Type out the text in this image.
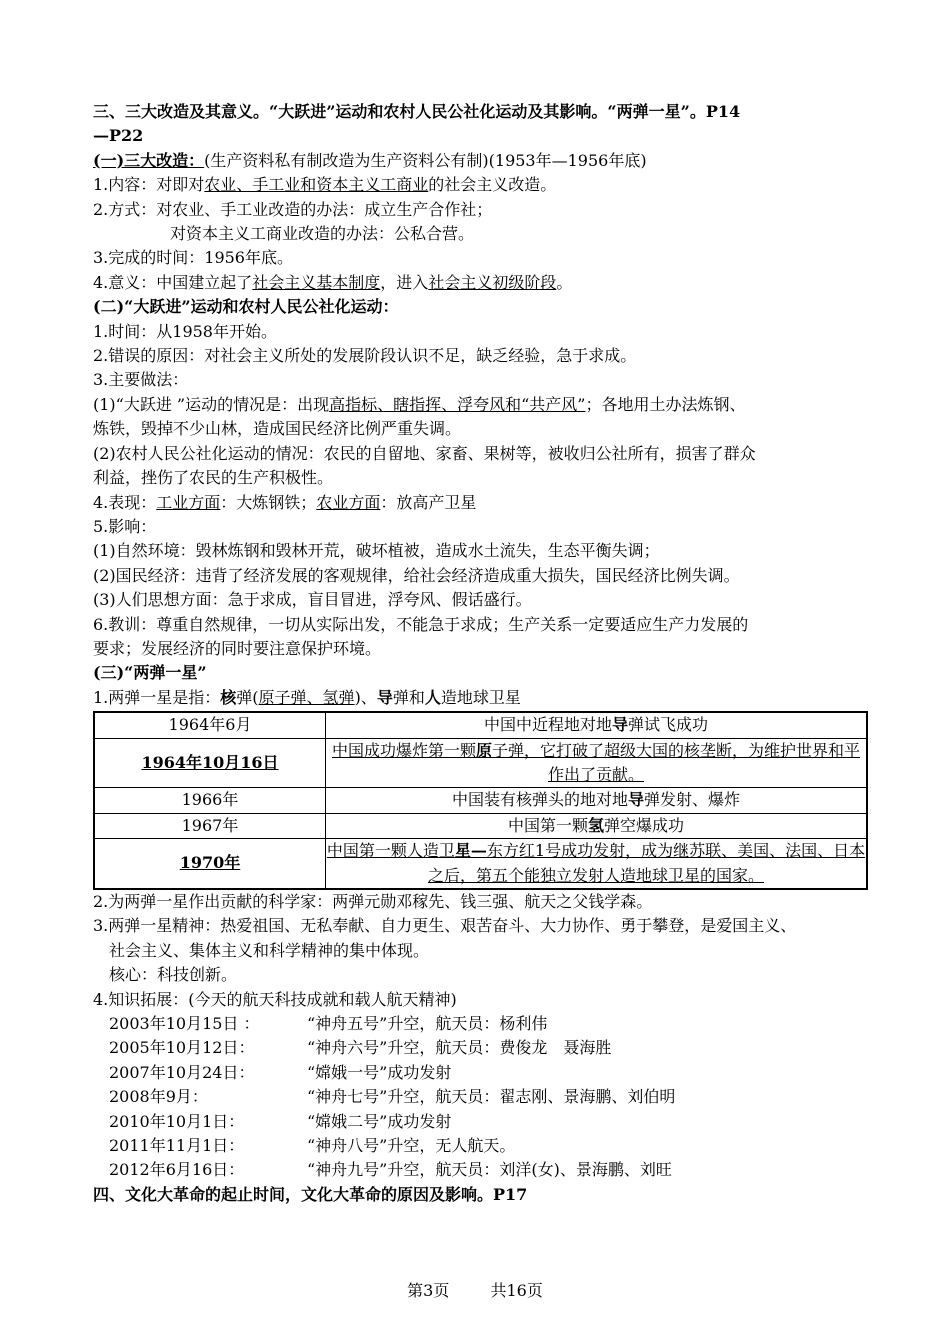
三、三大改造及其意义。“大跃进”运动和农村人民公社化运动及其影响。“两弹一星”。P14
—P22
(一)三大改造：(生产资料私有制改造为生产资料公有制)(1953年—1956年底)
1.内容：对即对农业、手工业和资本主义工商业的社会主义改造。
2.方式：对农业、手工业改造的办法：成立生产合作社；
对资本主义工商业改造的办法：公私合营。
3.完成的时间：1956年底。
4.意义：中国建立起了社会主义基本制度，进入社会主义初级阶段。
(二)“大跃进”运动和农村人民公社化运动：
1.时间：从1958年开始。
2.错误的原因：对社会主义所处的发展阶段认识不足，缺乏经验，急于求成。
3.主要做法：
(1)“大跃进 ”运动的情况是：出现高指标、瞎指挥、浮夸风和“共产风”；各地用土办法炼钢、
炼铁，毁掉不少山林，造成国民经济比例严重失调。
(2)农村人民公社化运动的情况：农民的自留地、家畜、果树等，被收归公社所有，损害了群众
利益，挫伤了农民的生产积极性。
4.表现：工业方面：大炼钢铁；农业方面：放高产卫星
5.影响：
(1)自然环境：毁林炼钢和毁林开荒，破坏植被，造成水土流失，生态平衡失调；
(2)国民经济：违背了经济发展的客观规律，给社会经济造成重大损失，国民经济比例失调。
(3)人们思想方面：急于求成，盲目冒进，浮夸风、假话盛行。
6.教训：尊重自然规律，一切从实际出发，不能急于求成；生产关系一定要适应生产力发展的
要求；发展经济的同时要注意保护环境。
(三)“两弹一星”
1.两弹一星是指：核弹(原子弹、氢弹)、导弹和人造地球卫星
1964年6月	中国中近程地对地导弹试飞成功
1964年10月16日	中国成功爆炸第一颗原子弹，它打破了超级大国的核垄断，为维护世界和平作出了贡献。
1966年	中国装有核弹头的地对地导弹发射、爆炸
1967年	中国第一颗氢弹空爆成功
1970年	中国第一颗人造卫星—东方红1号成功发射，成为继苏联、美国、法国、日本之后，第五个能独立发射人造地球卫星的国家。
2.为两弹一星作出贡献的科学家：两弹元勋邓稼先、钱三强、航天之父钱学森。
3.两弹一星精神：热爱祖国、无私奉献、自力更生、艰苦奋斗、大力协作、勇于攀登，是爱国主义、
社会主义、集体主义和科学精神的集中体现。
核心：科技创新。
4.知识拓展：(今天的航天科技成就和载人航天精神)
2003年10月15日 ：	“神舟五号”升空，航天员：杨利伟
2005年10月12日：	“神舟六号”升空，航天员：费俊龙　聂海胜
2007年10月24日：	“嫦娥一号”成功发射
2008年9月：	“神舟七号”升空，航天员：翟志刚、景海鹏、刘伯明
2010年10月1日：	“嫦娥二号”成功发射
2011年11月1日：	“神舟八号”升空，无人航天。
2012年6月16日：	“神舟九号”升空，航天员：刘洋(女)、景海鹏、刘旺
四、文化大革命的起止时间，文化大革命的原因及影响。P17
第3页	共16页
